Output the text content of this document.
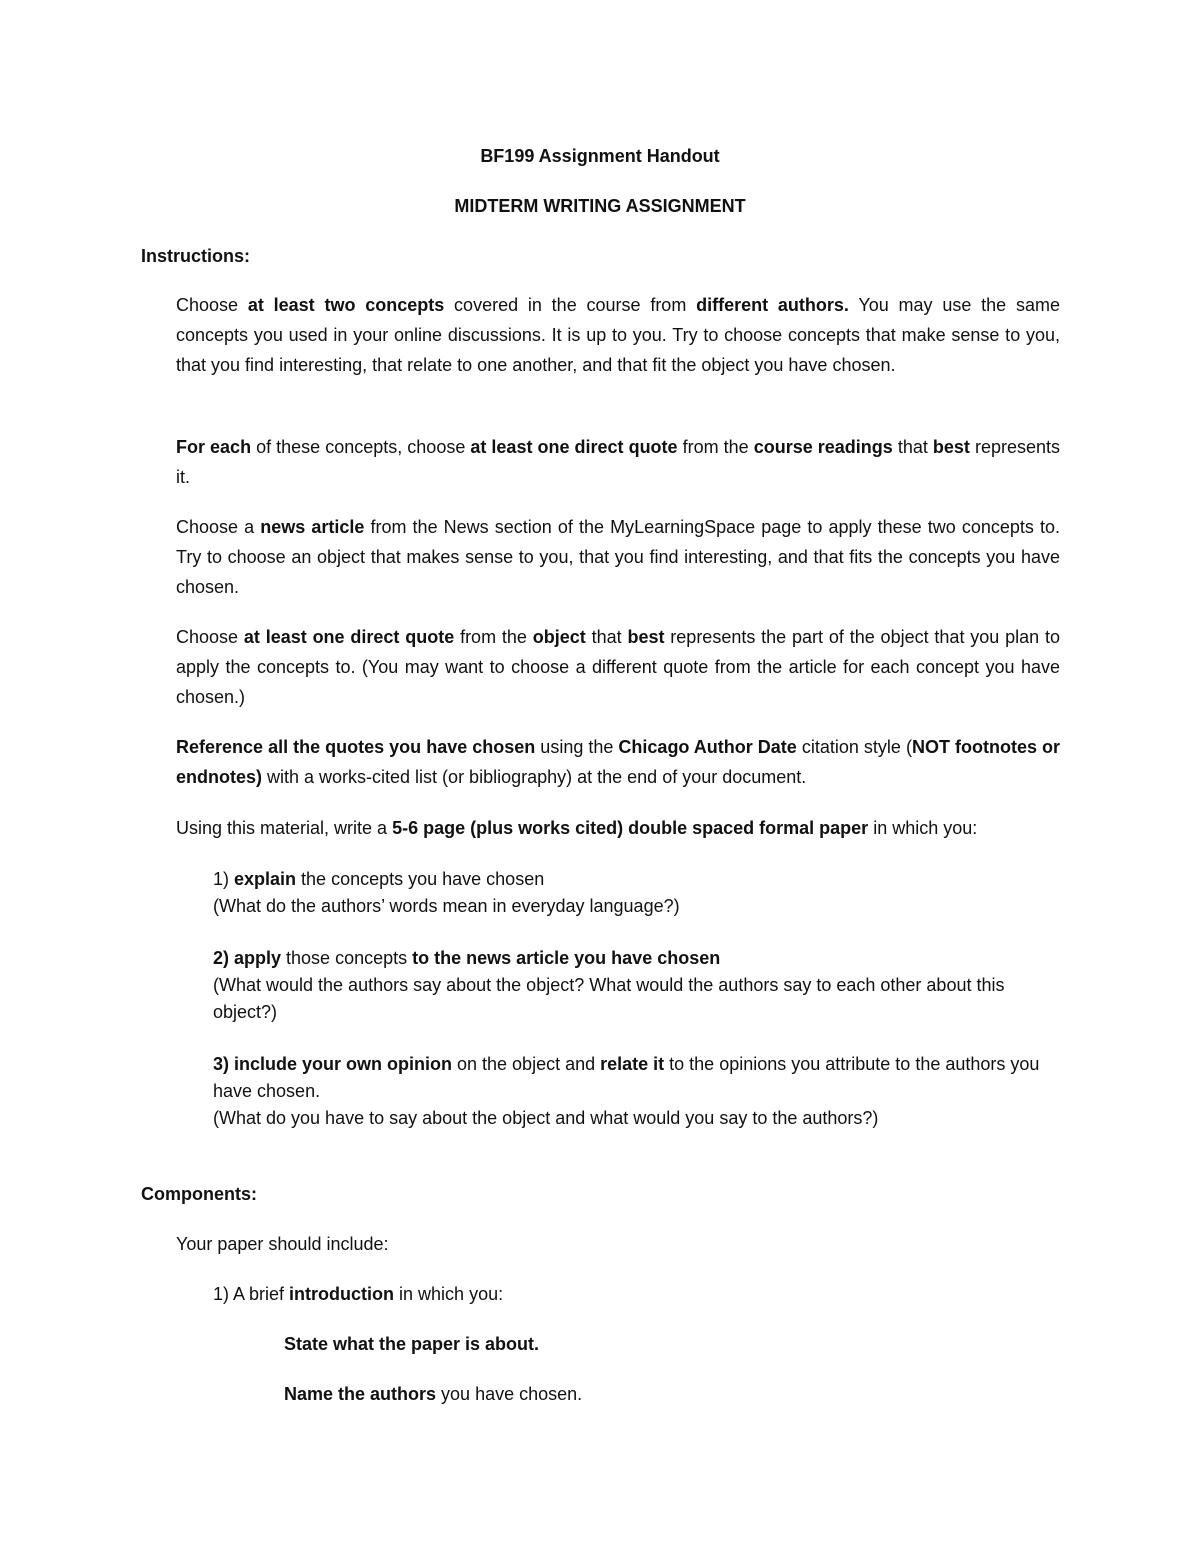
BF199 Assignment Handout
MIDTERM WRITING ASSIGNMENT
Instructions:
Choose at least two concepts covered in the course from different authors. You may use the same concepts you used in your online discussions. It is up to you. Try to choose concepts that make sense to you, that you find interesting, that relate to one another, and that fit the object you have chosen.
For each of these concepts, choose at least one direct quote from the course readings that best represents it.
Choose a news article from the News section of the MyLearningSpace page to apply these two concepts to. Try to choose an object that makes sense to you, that you find interesting, and that fits the concepts you have chosen.
Choose at least one direct quote from the object that best represents the part of the object that you plan to apply the concepts to. (You may want to choose a different quote from the article for each concept you have chosen.)
Reference all the quotes you have chosen using the Chicago Author Date citation style (NOT footnotes or endnotes) with a works-cited list (or bibliography) at the end of your document.
Using this material, write a 5-6 page (plus works cited) double spaced formal paper in which you:
1) explain the concepts you have chosen
(What do the authors’ words mean in everyday language?)
2) apply those concepts to the news article you have chosen
(What would the authors say about the object? What would the authors say to each other about this object?)
3) include your own opinion on the object and relate it to the opinions you attribute to the authors you have chosen.
(What do you have to say about the object and what would you say to the authors?)
Components:
Your paper should include:
1) A brief introduction in which you:
State what the paper is about.
Name the authors you have chosen.
